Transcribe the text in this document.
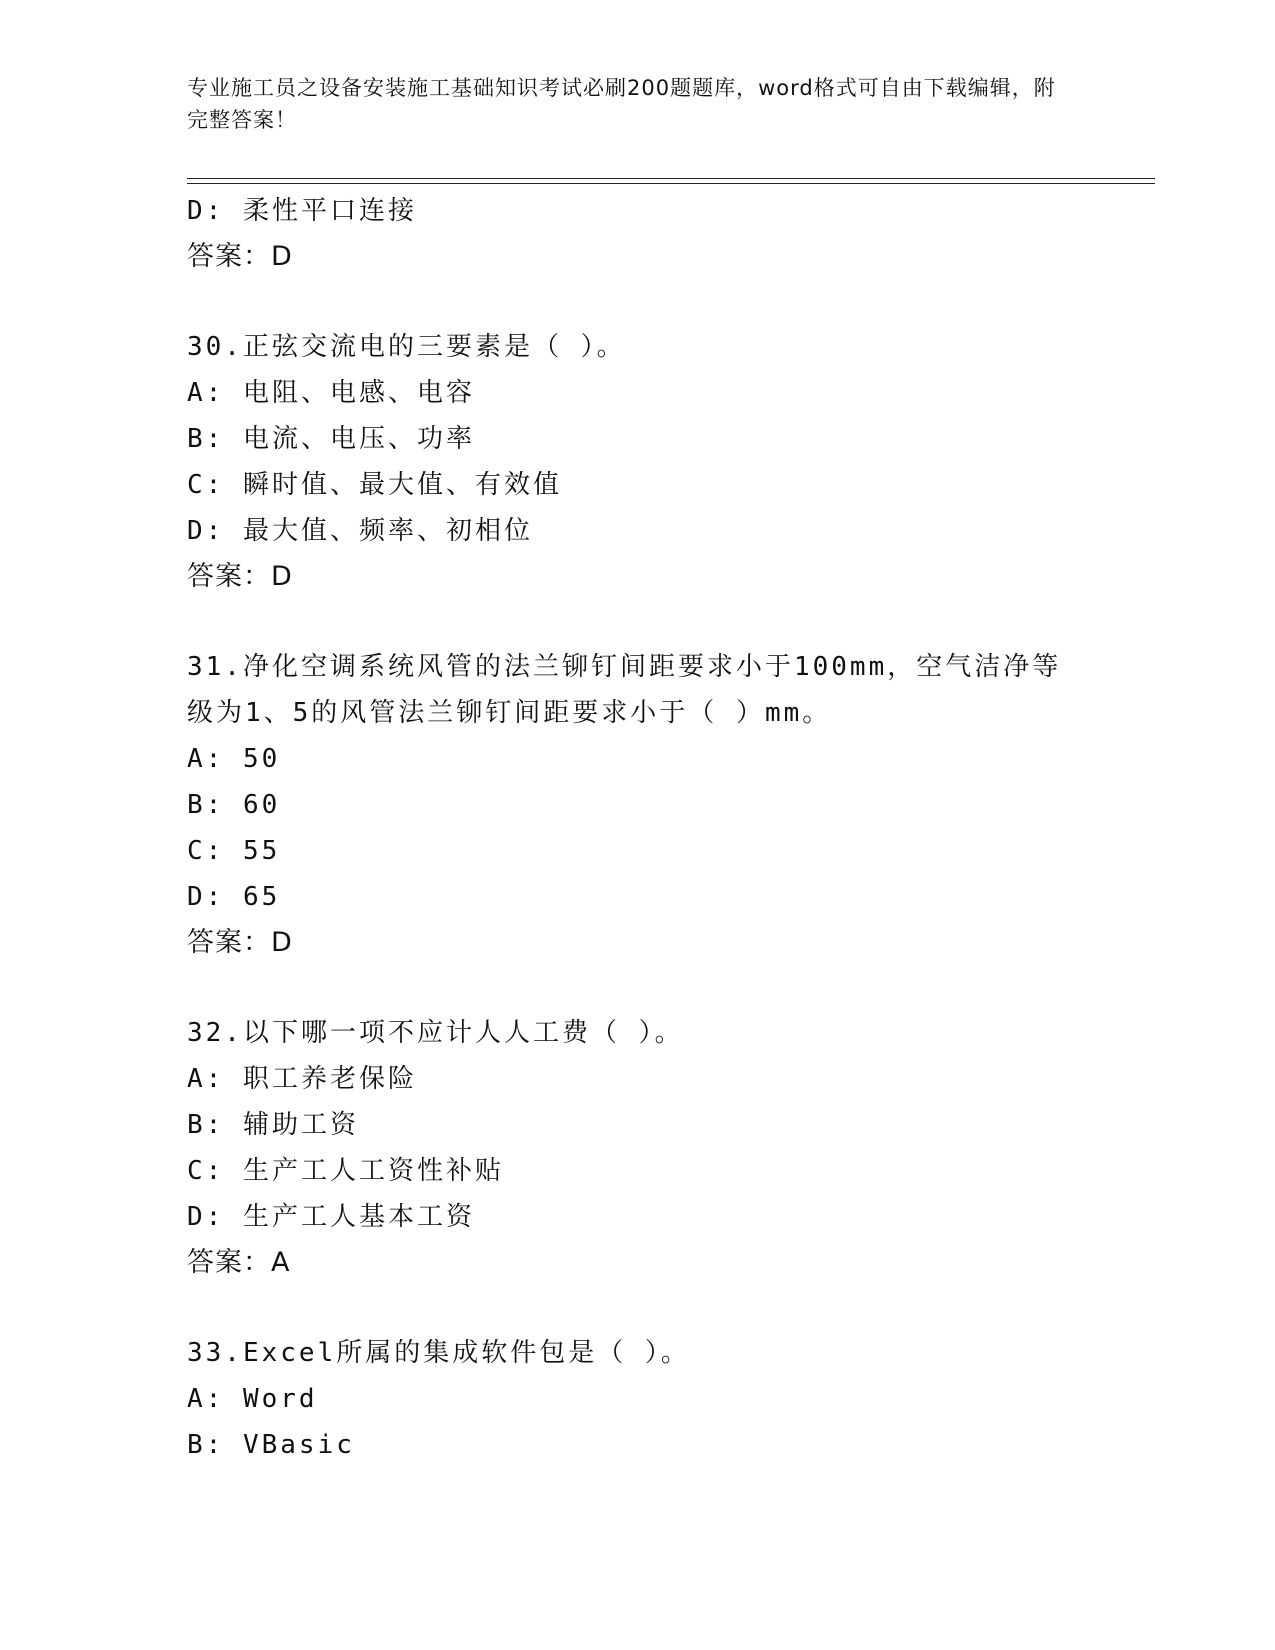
专业施工员之设备安装施工基础知识考试必刷200题题库，word格式可自由下载编辑，附完整答案！
D: 柔性平口连接
答案：D
30.正弦交流电的三要素是（ ）。
A: 电阻、电感、电容
B: 电流、电压、功率
C: 瞬时值、最大值、有效值
D: 最大值、频率、初相位
答案：D
31.净化空调系统风管的法兰铆钉间距要求小于100mm，空气洁净等级为1、5的风管法兰铆钉间距要求小于（ ）mm。
A: 50
B: 60
C: 55
D: 65
答案：D
32.以下哪一项不应计人人工费（ ）。
A: 职工养老保险
B: 辅助工资
C: 生产工人工资性补贴
D: 生产工人基本工资
答案：A
33.Excel所属的集成软件包是（ ）。
A: Word
B: VBasic
